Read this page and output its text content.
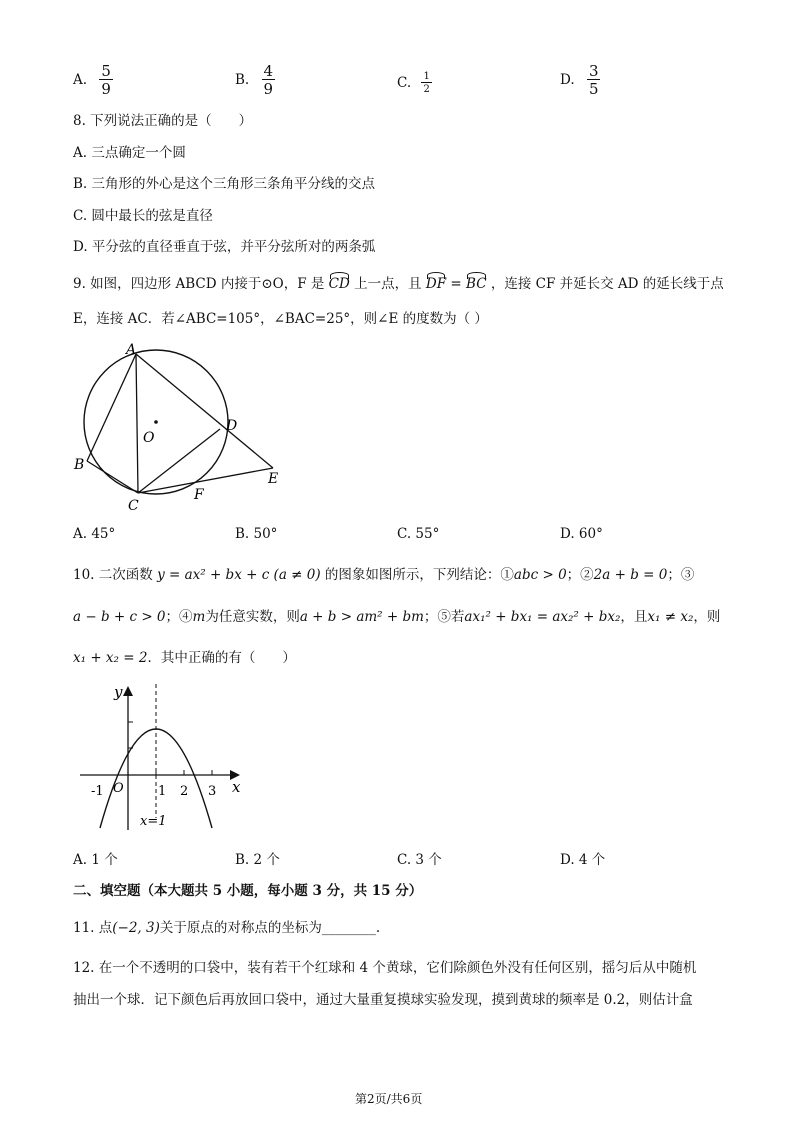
A. $\frac{5}{9}$	B. $\frac{4}{9}$	C. $\frac{1}{2}$	D. $\frac{3}{5}$
8. 下列说法正确的是（　　）
A. 三点确定一个圆
B. 三角形的外心是这个三角形三条角平分线的交点
C. 圆中最长的弦是直径
D. 平分弦的直径垂直于弦，并平分弦所对的两条弧
9. 如图，四边形 ABCD 内接于⊙O，F 是 CD 上一点，且 DF = BC ，连接 CF 并延长交 AD 的延长线于点
E，连接 AC．若∠ABC=105°，∠BAC=25°，则∠E 的度数为（ ）
A
B
C
D
E
F
O
A. 45°	B. 50°	C. 55°	D. 60°
10. 二次函数 y = ax² + bx + c (a ≠ 0) 的图象如图所示，下列结论：①abc > 0；②2a + b = 0；③
a − b + c > 0；④m为任意实数，则a + b > am² + bm；⑤若ax₁² + bx₁ = ax₂² + bx₂，且x₁ ≠ x₂，则
x₁ + x₂ = 2．其中正确的有（　　）
y
x
O
-1	1 2 3
x=1
A. 1 个	B. 2 个	C. 3 个	D. 4 个
二、填空题（本大题共 5 小题，每小题 3 分，共 15 分）
11. 点(−2, 3)关于原点的对称点的坐标为________.
12. 在一个不透明的口袋中，装有若干个红球和 4 个黄球，它们除颜色外没有任何区别，摇匀后从中随机
抽出一个球．记下颜色后再放回口袋中，通过大量重复摸球实验发现，摸到黄球的频率是 0.2，则估计盒
第2页/共6页
